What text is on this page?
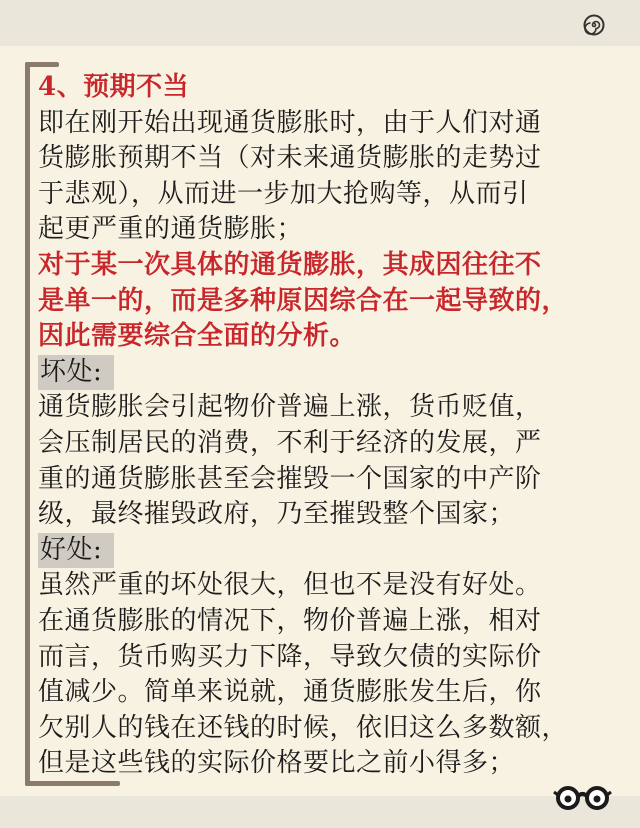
4、预期不当
即在刚开始出现通货膨胀时，由于人们对通
货膨胀预期不当（对未来通货膨胀的走势过
于悲观），从而进一步加大抢购等，从而引
起更严重的通货膨胀；
对于某一次具体的通货膨胀，其成因往往不
是单一的，而是多种原因综合在一起导致的，
因此需要综合全面的分析。
坏处:
通货膨胀会引起物价普遍上涨，货币贬值，
会压制居民的消费，不利于经济的发展，严
重的通货膨胀甚至会摧毁一个国家的中产阶
级，最终摧毁政府，乃至摧毁整个国家；
好处:
虽然严重的坏处很大，但也不是没有好处。
在通货膨胀的情况下，物价普遍上涨，相对
而言，货币购买力下降，导致欠债的实际价
值减少。简单来说就，通货膨胀发生后，你
欠别人的钱在还钱的时候，依旧这么多数额，
但是这些钱的实际价格要比之前小得多；
